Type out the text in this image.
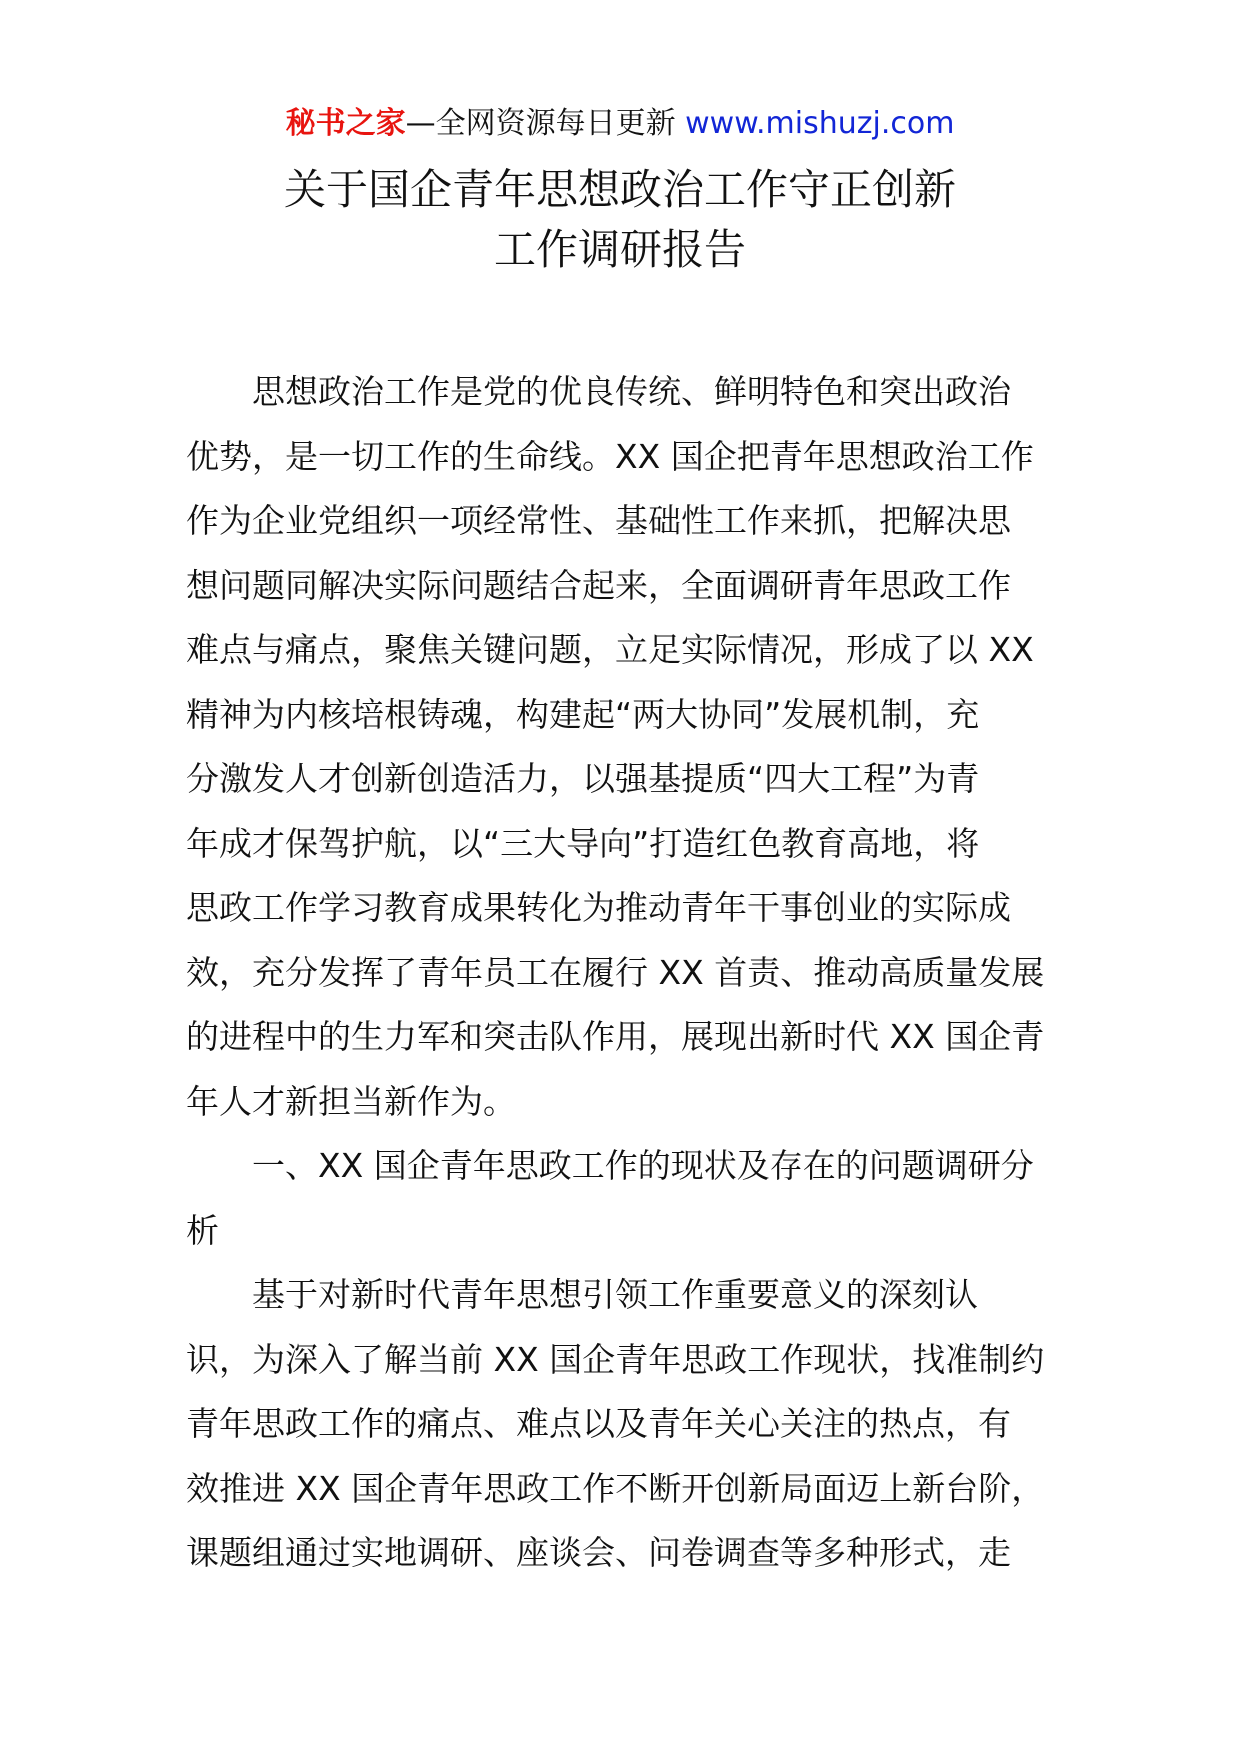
秘书之家—全网资源每日更新 www.mishuzj.com
关于国企青年思想政治工作守正创新
工作调研报告
思想政治工作是党的优良传统、鲜明特色和突出政治
优势，是一切工作的生命线。XX 国企把青年思想政治工作
作为企业党组织一项经常性、基础性工作来抓，把解决思
想问题同解决实际问题结合起来，全面调研青年思政工作
难点与痛点，聚焦关键问题，立足实际情况，形成了以 XX
精神为内核培根铸魂，构建起“两大协同”发展机制，充
分激发人才创新创造活力，以强基提质“四大工程”为青
年成才保驾护航，以“三大导向”打造红色教育高地，将
思政工作学习教育成果转化为推动青年干事创业的实际成
效，充分发挥了青年员工在履行 XX 首责、推动高质量发展
的进程中的生力军和突击队作用，展现出新时代 XX 国企青
年人才新担当新作为。
一、XX 国企青年思政工作的现状及存在的问题调研分
析
基于对新时代青年思想引领工作重要意义的深刻认
识，为深入了解当前 XX 国企青年思政工作现状，找准制约
青年思政工作的痛点、难点以及青年关心关注的热点，有
效推进 XX 国企青年思政工作不断开创新局面迈上新台阶，
课题组通过实地调研、座谈会、问卷调查等多种形式，走
